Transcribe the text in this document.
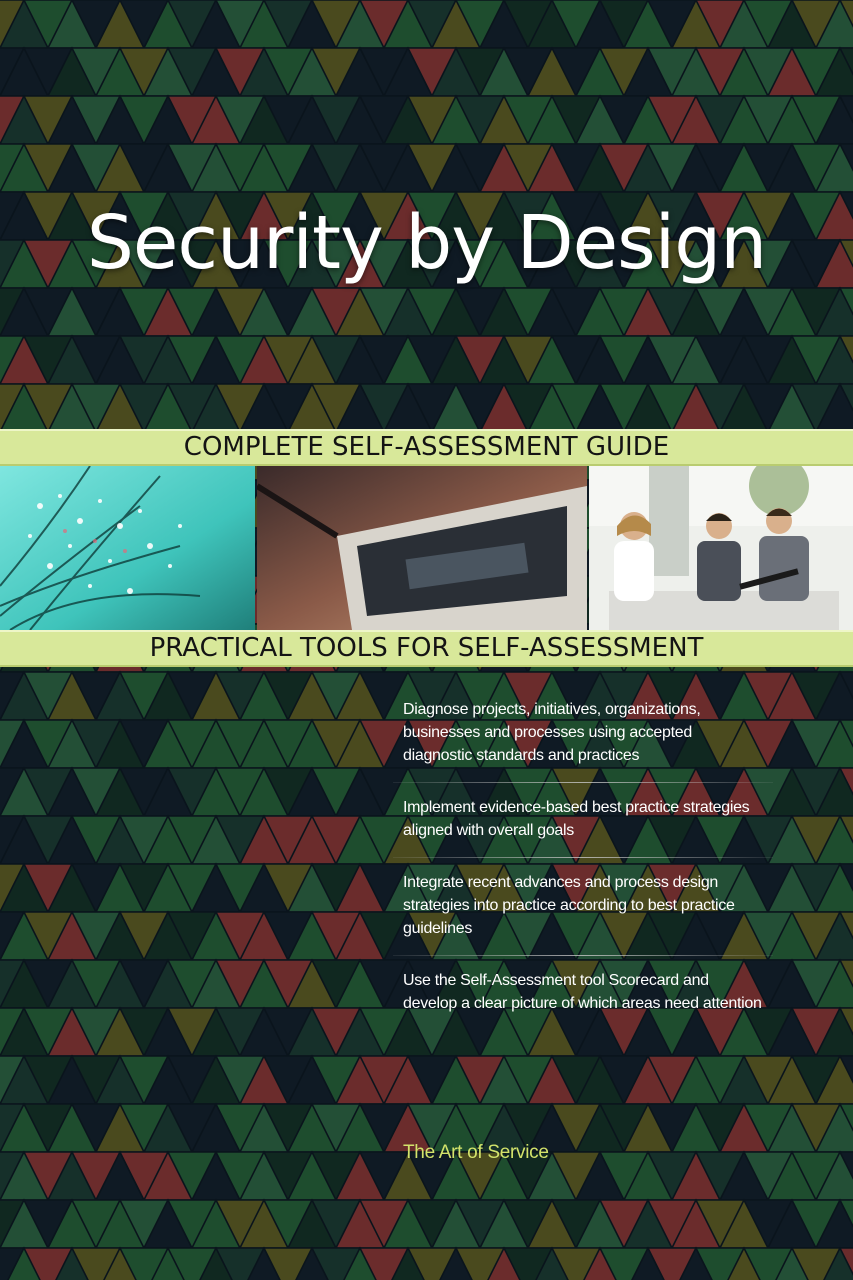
Security by Design
COMPLETE SELF-ASSESSMENT GUIDE
PRACTICAL TOOLS FOR SELF-ASSESSMENT
Diagnose projects, initiatives, organizations, businesses and processes using accepted diagnostic standards and practices
Implement evidence-based best practice strategies aligned with overall goals
Integrate recent advances and process design strategies into practice according to best practice guidelines
Use the Self-Assessment tool Scorecard and develop a clear picture of which areas need attention
The Art of Service
